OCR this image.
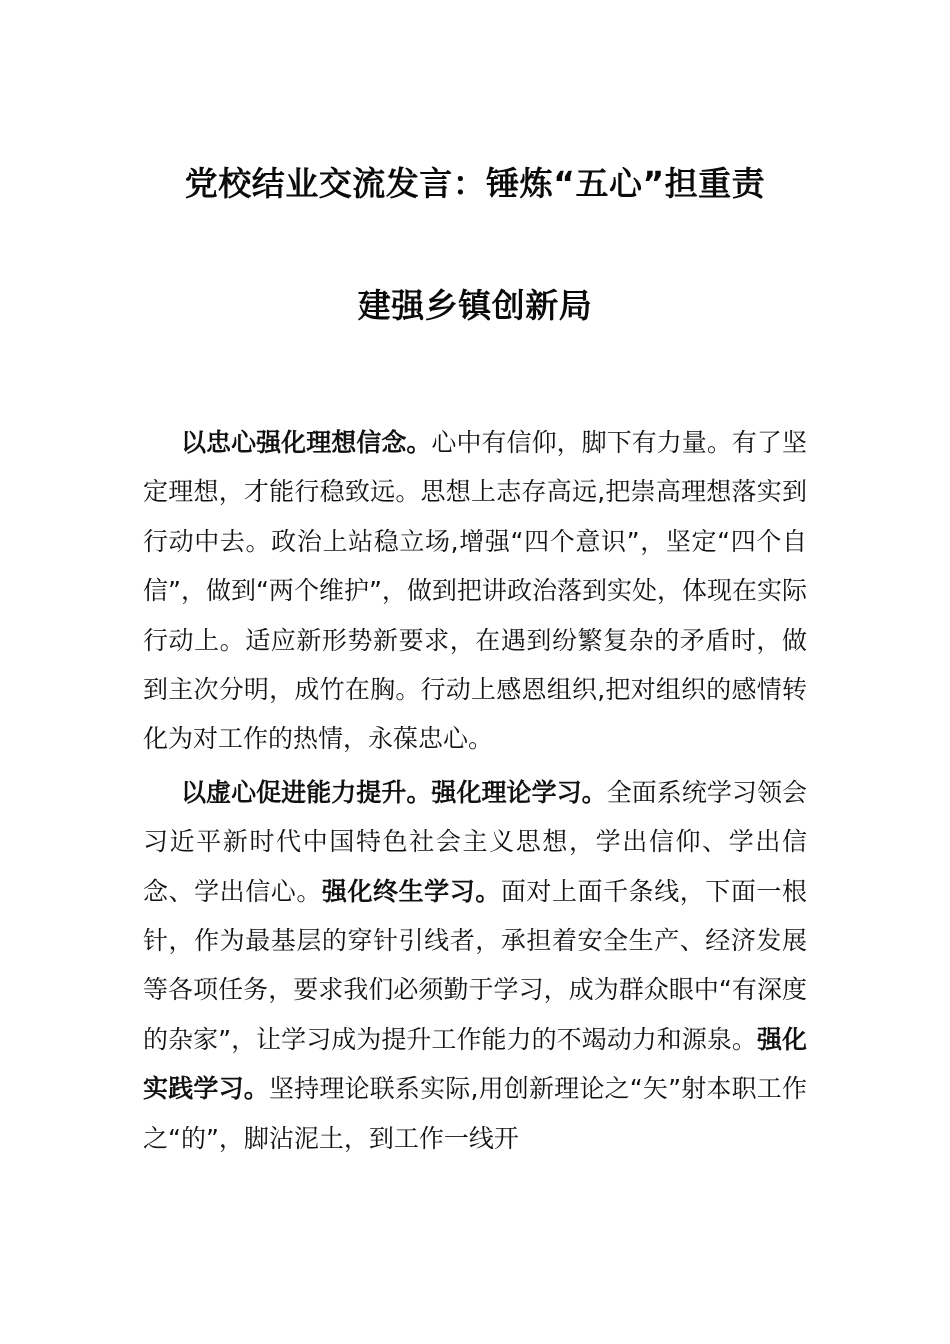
党校结业交流发言：锤炼“五心”担重责
建强乡镇创新局

以忠心强化理想信念。心中有信仰，脚下有力量。有了坚定理想，才能行稳致远。思想上志存高远,把崇高理想落实到行动中去。政治上站稳立场,增强“四个意识”，坚定“四个自信”，做到“两个维护”，做到把讲政治落到实处，体现在实际行动上。适应新形势新要求，在遇到纷繁复杂的矛盾时，做到主次分明，成竹在胸。行动上感恩组织,把对组织的感情转化为对工作的热情，永葆忠心。

以虚心促进能力提升。强化理论学习。全面系统学习领会习近平新时代中国特色社会主义思想，学出信仰、学出信念、学出信心。强化终生学习。面对上面千条线，下面一根针，作为最基层的穿针引线者，承担着安全生产、经济发展等各项任务，要求我们必须勤于学习，成为群众眼中“有深度的杂家”，让学习成为提升工作能力的不竭动力和源泉。强化实践学习。坚持理论联系实际,用创新理论之“矢”射本职工作之“的”，脚沾泥土，到工作一线开
